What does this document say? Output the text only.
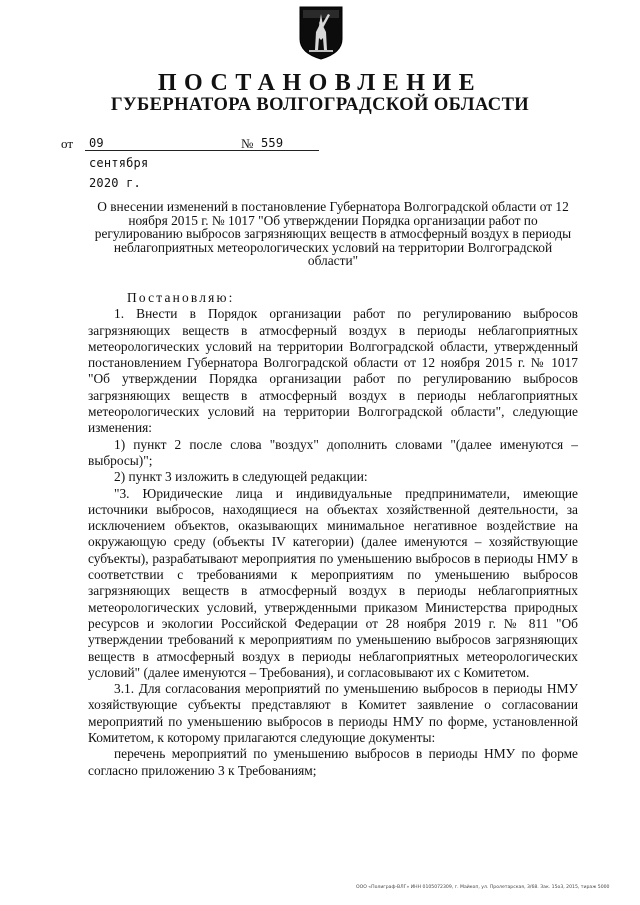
ПОСТАНОВЛЕНИЕ
ГУБЕРНАТОРА ВОЛГОГРАДСКОЙ ОБЛАСТИ
от 09 сентября 2020 г.
№ 559
О внесении изменений в постановление Губернатора Волгоградской области от 12 ноября 2015 г. № 1017 "Об утверждении Порядка организации работ по регулированию выбросов загрязняющих веществ в атмосферный воздух в периоды неблагоприятных метеорологических условий на территории Волгоградской области"

Постановляю:

1. Внести в Порядок организации работ по регулированию выбросов загрязняющих веществ в атмосферный воздух в периоды неблагоприятных метеорологических условий на территории Волгоградской области, утвержденный постановлением Губернатора Волгоградской области от 12 ноября 2015 г. № 1017 "Об утверждении Порядка организации работ по регулированию выбросов загрязняющих веществ в атмосферный воздух в периоды неблагоприятных метеорологических условий на территории Волгоградской области", следующие изменения:

1) пункт 2 после слова "воздух" дополнить словами "(далее именуются – выбросы)";

2) пункт 3 изложить в следующей редакции:

"3. Юридические лица и индивидуальные предприниматели, имеющие источники выбросов, находящиеся на объектах хозяйственной деятельности, за исключением объектов, оказывающих минимальное негативное воздействие на окружающую среду (объекты IV категории) (далее именуются – хозяйствующие субъекты), разрабатывают мероприятия по уменьшению выбросов в периоды НМУ в соответствии с требованиями к мероприятиям по уменьшению выбросов загрязняющих веществ в атмосферный воздух в периоды неблагоприятных метеорологических условий, утвержденными приказом Министерства природных ресурсов и экологии Российской Федерации от 28 ноября 2019 г. № 811 "Об утверждении требований к мероприятиям по уменьшению выбросов загрязняющих веществ в атмосферный воздух в периоды неблагоприятных метеорологических условий" (далее именуются – Требования), и согласовывают их с Комитетом.

3.1. Для согласования мероприятий по уменьшению выбросов в периоды НМУ хозяйствующие субъекты представляют в Комитет заявление о согласовании мероприятий по уменьшению выбросов в периоды НМУ по форме, установленной Комитетом, к которому прилагаются следующие документы:

перечень мероприятий по уменьшению выбросов в периоды НМУ по форме согласно приложению 3 к Требованиям;

ООО «Полиграф-ВЛГ» ИНН 0105072309, г. Майкоп, ул. Пролетарская, 3/68. Зак. 15о3, 2015, тираж 5000
